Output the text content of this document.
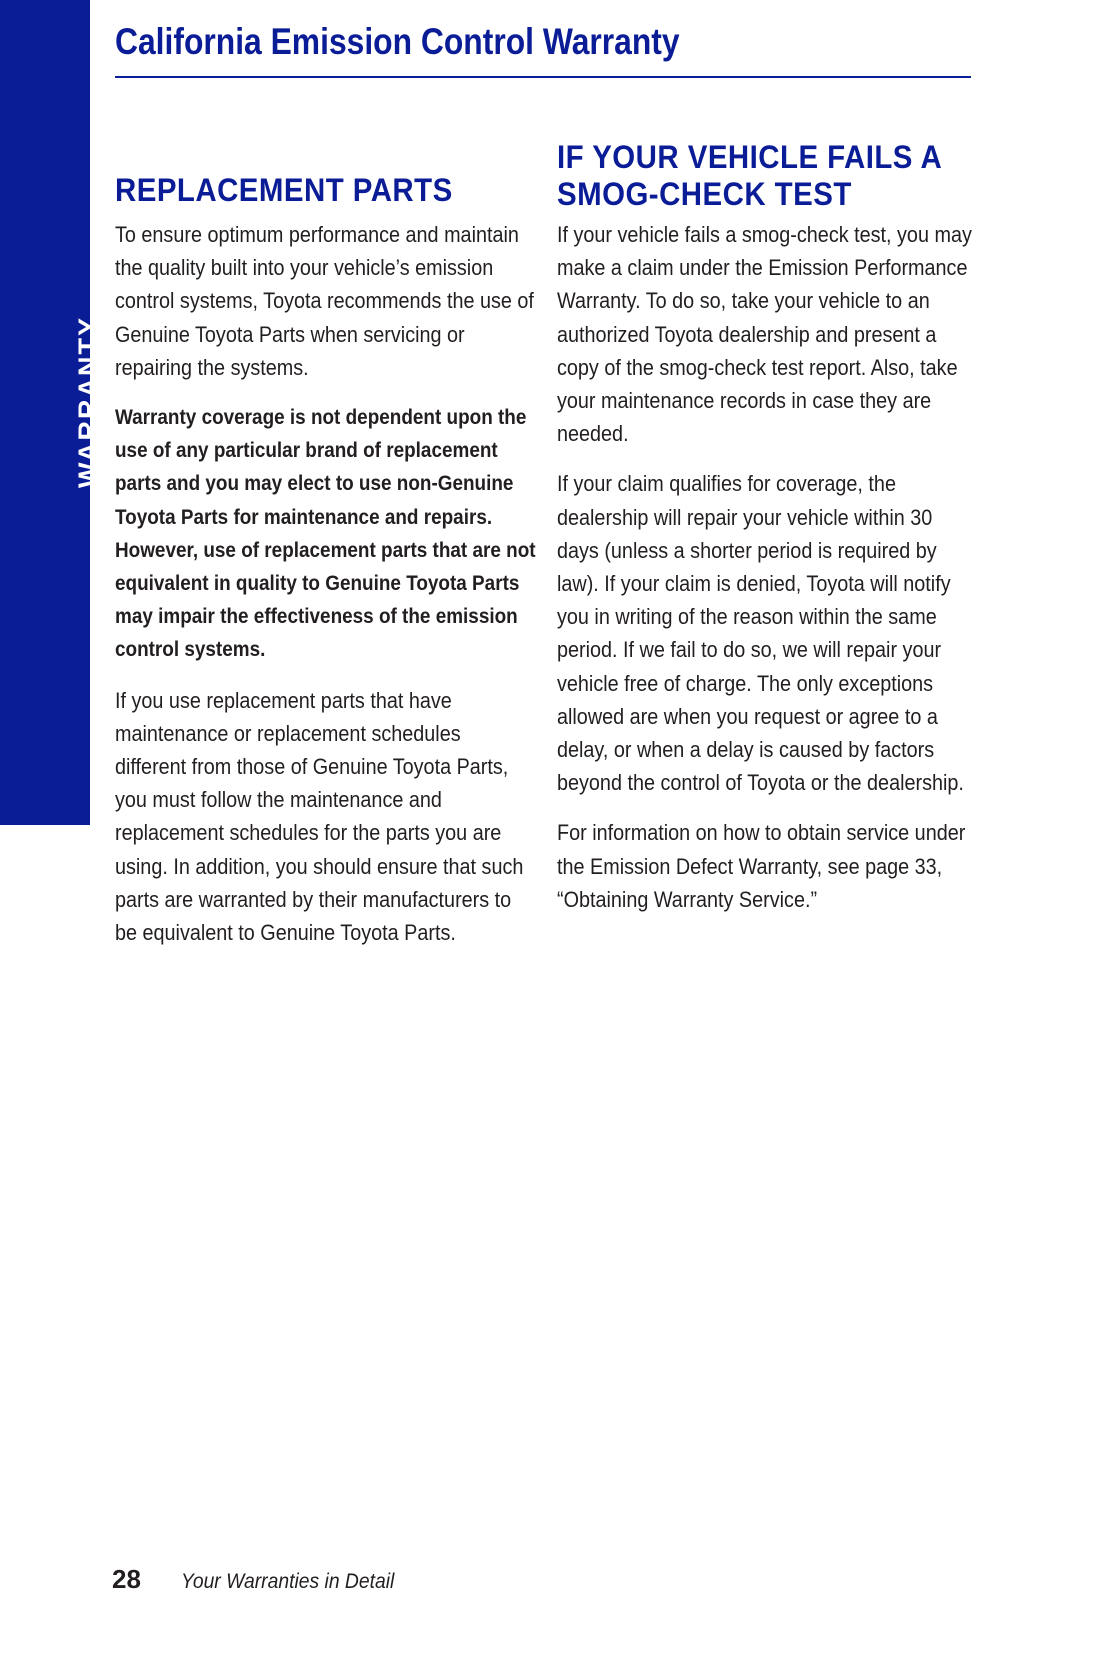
WARRANTY
California Emission Control Warranty
REPLACEMENT PARTS

To ensure optimum performance and maintain the quality built into your vehicle’s emission control systems, Toyota recommends the use of Genuine Toyota Parts when servicing or repairing the systems.

Warranty coverage is not dependent upon the use of any particular brand of replacement parts and you may elect to use non-Genuine Toyota Parts for maintenance and repairs. However, use of replacement parts that are not equivalent in quality to Genuine Toyota Parts may impair the effectiveness of the emission control systems.

If you use replacement parts that have maintenance or replacement schedules different from those of Genuine Toyota Parts, you must follow the maintenance and replacement schedules for the parts you are using. In addition, you should ensure that such parts are warranted by their manufacturers to be equivalent to Genuine Toyota Parts.

IF YOUR VEHICLE FAILS A
SMOG-CHECK TEST

If your vehicle fails a smog-check test, you may make a claim under the Emission Performance Warranty. To do so, take your vehicle to an authorized Toyota dealership and present a copy of the smog-check test report. Also, take your maintenance records in case they are needed.

If your claim qualifies for coverage, the dealership will repair your vehicle within 30 days (unless a shorter period is required by law). If your claim is denied, Toyota will notify you in writing of the reason within the same period. If we fail to do so, we will repair your vehicle free of charge. The only exceptions allowed are when you request or agree to a delay, or when a delay is caused by factors beyond the control of Toyota or the dealership.

For information on how to obtain service under the Emission Defect Warranty, see page 33, “Obtaining Warranty Service.”

28 Your Warranties in Detail
